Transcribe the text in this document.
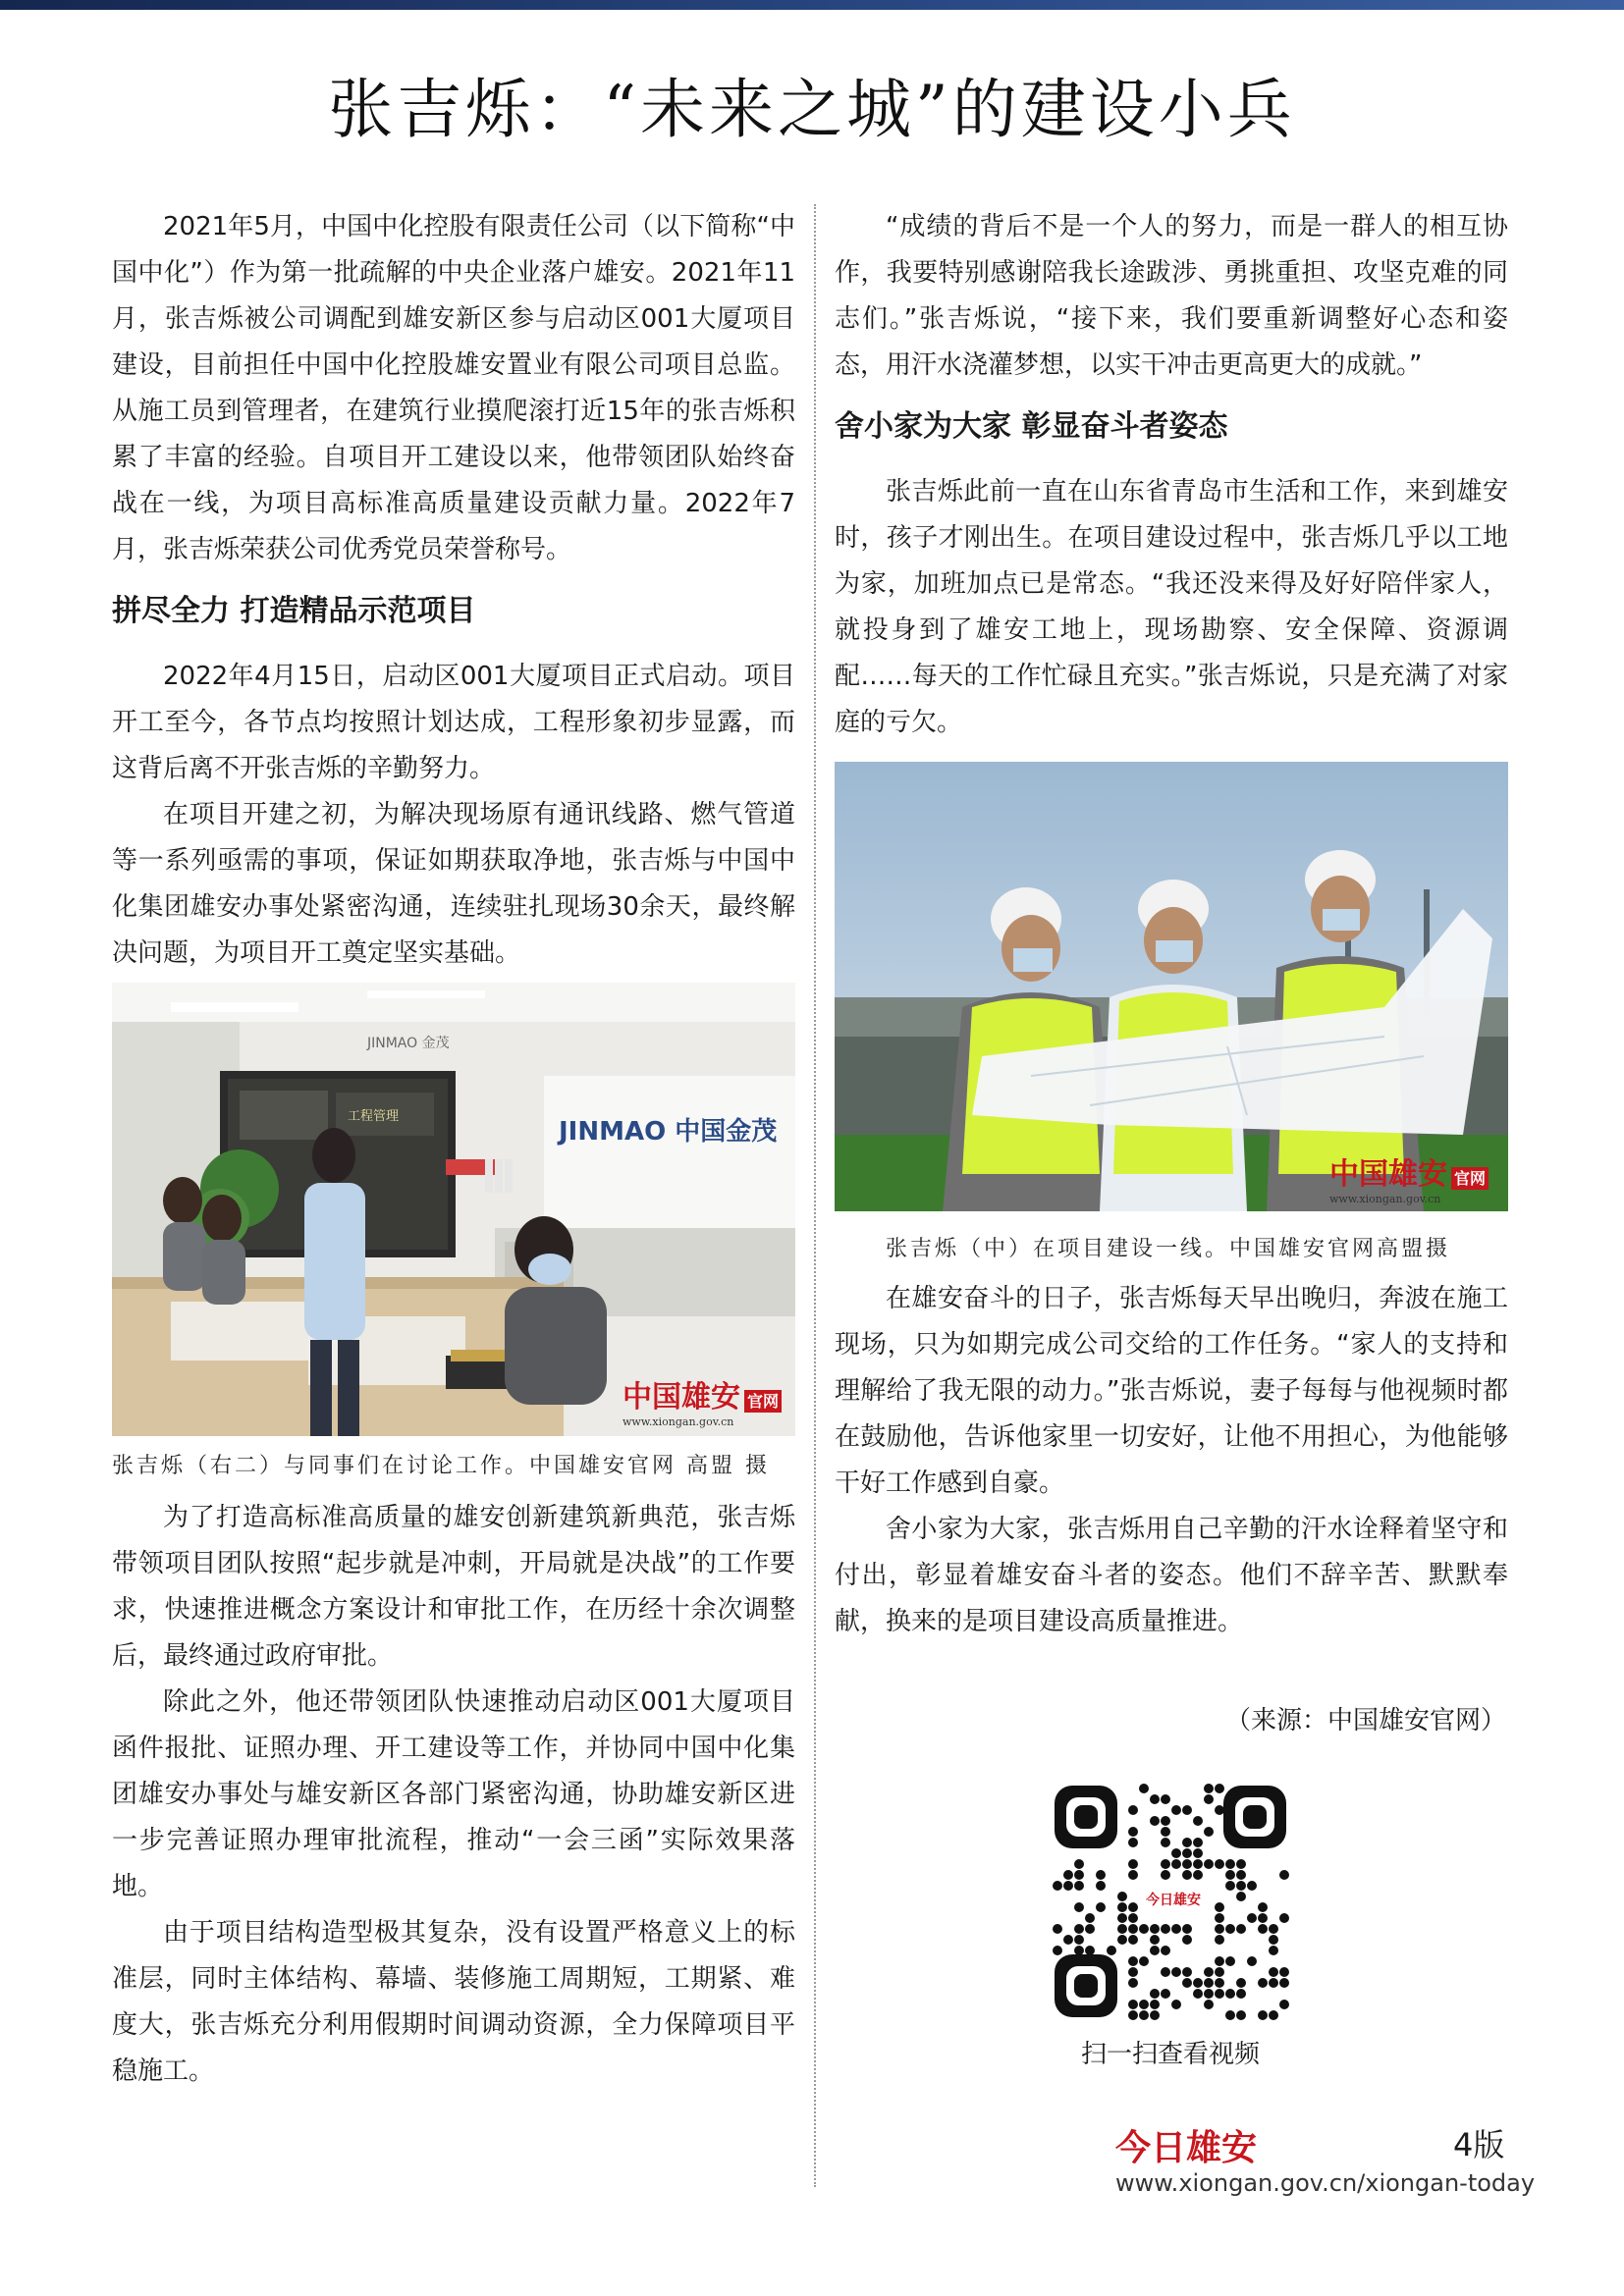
张吉烁：“未来之城”的建设小兵

2021年5月，中国中化控股有限责任公司（以下简称“中国中化”）作为第一批疏解的中央企业落户雄安。2021年11月，张吉烁被公司调配到雄安新区参与启动区001大厦项目建设，目前担任中国中化控股雄安置业有限公司项目总监。从施工员到管理者，在建筑行业摸爬滚打近15年的张吉烁积累了丰富的经验。自项目开工建设以来，他带领团队始终奋战在一线，为项目高标准高质量建设贡献力量。2022年7月，张吉烁荣获公司优秀党员荣誉称号。

拼尽全力 打造精品示范项目

2022年4月15日，启动区001大厦项目正式启动。项目开工至今，各节点均按照计划达成，工程形象初步显露，而这背后离不开张吉烁的辛勤努力。

在项目开建之初，为解决现场原有通讯线路、燃气管道等一系列亟需的事项，保证如期获取净地，张吉烁与中国中化集团雄安办事处紧密沟通，连续驻扎现场30余天，最终解决问题，为项目开工奠定坚实基础。

工程管理
JINMAO 中国金茂
JINMAO 金茂
中国雄安 官网
www.xiongan.gov.cn
张吉烁（右二）与同事们在讨论工作。中国雄安官网 高盟 摄

为了打造高标准高质量的雄安创新建筑新典范，张吉烁带领项目团队按照“起步就是冲刺，开局就是决战”的工作要求，快速推进概念方案设计和审批工作，在历经十余次调整后，最终通过政府审批。

除此之外，他还带领团队快速推动启动区001大厦项目函件报批、证照办理、开工建设等工作，并协同中国中化集团雄安办事处与雄安新区各部门紧密沟通，协助雄安新区进一步完善证照办理审批流程，推动“一会三函”实际效果落地。

由于项目结构造型极其复杂，没有设置严格意义上的标准层，同时主体结构、幕墙、装修施工周期短，工期紧、难度大，张吉烁充分利用假期时间调动资源，全力保障项目平稳施工。

“成绩的背后不是一个人的努力，而是一群人的相互协作，我要特别感谢陪我长途跋涉、勇挑重担、攻坚克难的同志们。”张吉烁说，“接下来，我们要重新调整好心态和姿态，用汗水浇灌梦想，以实干冲击更高更大的成就。”

舍小家为大家 彰显奋斗者姿态

张吉烁此前一直在山东省青岛市生活和工作，来到雄安时，孩子才刚出生。在项目建设过程中，张吉烁几乎以工地为家，加班加点已是常态。“我还没来得及好好陪伴家人，就投身到了雄安工地上，现场勘察、安全保障、资源调配……每天的工作忙碌且充实。”张吉烁说，只是充满了对家庭的亏欠。

中国雄安 官网
www.xiongan.gov.cn
张吉烁（中）在项目建设一线。中国雄安官网高盟摄

在雄安奋斗的日子，张吉烁每天早出晚归，奔波在施工现场，只为如期完成公司交给的工作任务。“家人的支持和理解给了我无限的动力。”张吉烁说，妻子每每与他视频时都在鼓励他，告诉他家里一切安好，让他不用担心，为他能够干好工作感到自豪。

舍小家为大家，张吉烁用自己辛勤的汗水诠释着坚守和付出，彰显着雄安奋斗者的姿态。他们不辞辛苦、默默奉献，换来的是项目建设高质量推进。

（来源：中国雄安官网）
今日雄安
扫一扫查看视频
今日雄安	4版
www.xiongan.gov.cn/xiongan-today
